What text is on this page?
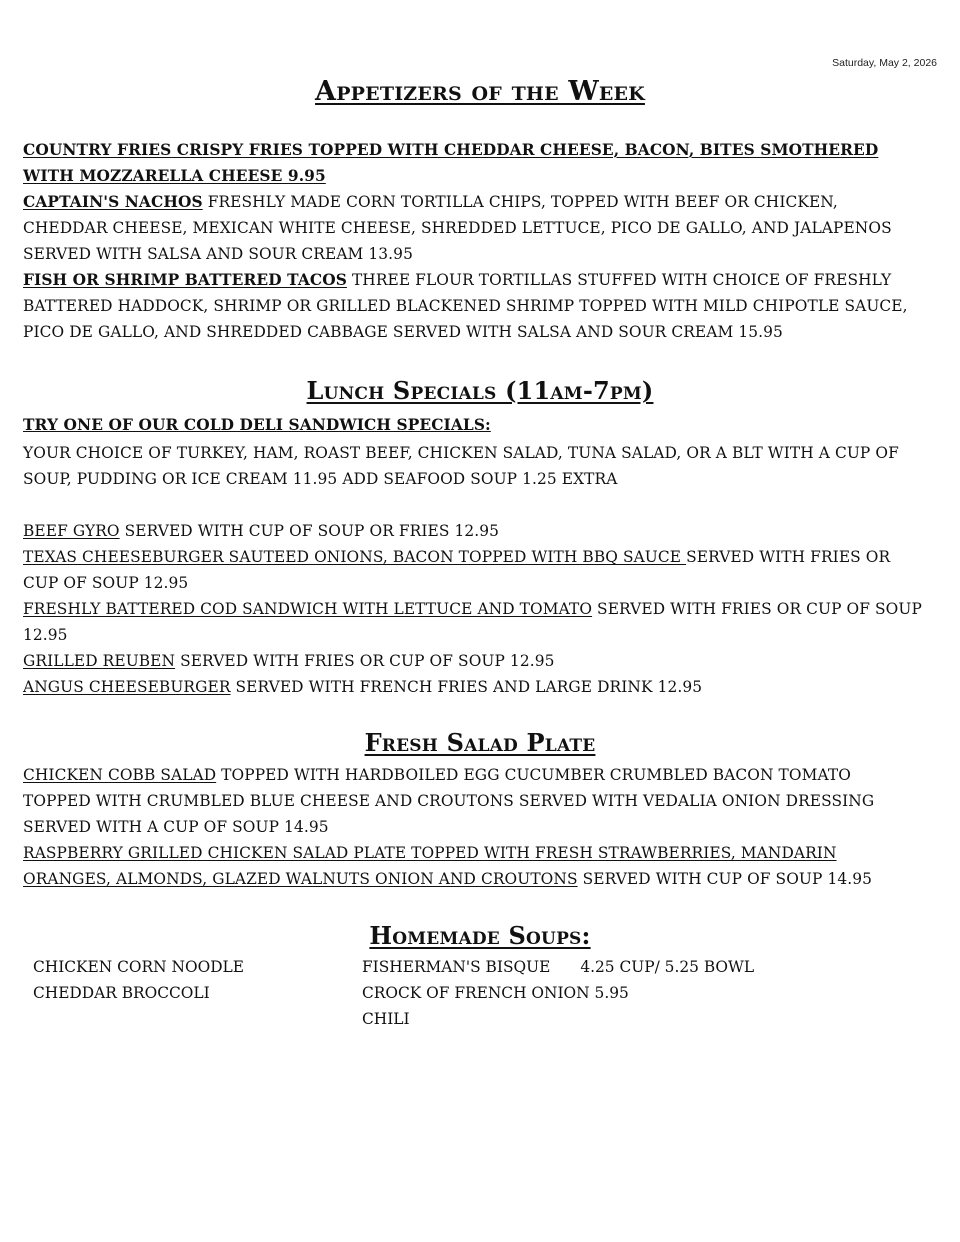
Saturday, May 2, 2026
Appetizers of the Week

COUNTRY FRIES CRISPY FRIES TOPPED WITH CHEDDAR CHEESE, BACON, BITES SMOTHERED WITH MOZZARELLA CHEESE 9.95

CAPTAIN'S NACHOS FRESHLY MADE CORN TORTILLA CHIPS, TOPPED WITH BEEF OR CHICKEN, CHEDDAR CHEESE, MEXICAN WHITE CHEESE, SHREDDED LETTUCE, PICO DE GALLO, AND JALAPENOS SERVED WITH SALSA AND SOUR CREAM 13.95

FISH OR SHRIMP BATTERED TACOS THREE FLOUR TORTILLAS STUFFED WITH CHOICE OF FRESHLY BATTERED HADDOCK, SHRIMP OR GRILLED BLACKENED SHRIMP TOPPED WITH MILD CHIPOTLE SAUCE, PICO DE GALLO, AND SHREDDED CABBAGE SERVED WITH SALSA AND SOUR CREAM 15.95

Lunch Specials (11am-7pm)
TRY ONE OF OUR COLD DELI SANDWICH SPECIALS:
YOUR CHOICE OF TURKEY, HAM, ROAST BEEF, CHICKEN SALAD, TUNA SALAD, OR A BLT WITH A CUP OF SOUP, PUDDING OR ICE CREAM 11.95 ADD SEAFOOD SOUP 1.25 EXTRA

BEEF GYRO SERVED WITH CUP OF SOUP OR FRIES 12.95

TEXAS CHEESEBURGER SAUTEED ONIONS, BACON TOPPED WITH BBQ SAUCE SERVED WITH FRIES OR CUP OF SOUP 12.95

FRESHLY BATTERED COD SANDWICH WITH LETTUCE AND TOMATO SERVED WITH FRIES OR CUP OF SOUP 12.95

GRILLED REUBEN SERVED WITH FRIES OR CUP OF SOUP 12.95

ANGUS CHEESEBURGER SERVED WITH FRENCH FRIES AND LARGE DRINK 12.95

Fresh Salad Plate

CHICKEN COBB SALAD TOPPED WITH HARDBOILED EGG CUCUMBER CRUMBLED BACON TOMATO TOPPED WITH CRUMBLED BLUE CHEESE AND CROUTONS SERVED WITH VEDALIA ONION DRESSING SERVED WITH A CUP OF SOUP 14.95

RASPBERRY GRILLED CHICKEN SALAD PLATE TOPPED WITH FRESH STRAWBERRIES, MANDARIN ORANGES, ALMONDS, GLAZED WALNUTS ONION AND CROUTONS SERVED WITH CUP OF SOUP 14.95

Homemade Soups:
CHICKEN CORN NOODLE
CHEDDAR BROCCOLI
FISHERMAN'S BISQUE 4.25 CUP/ 5.25 BOWL
CROCK OF FRENCH ONION 5.95
CHILI
